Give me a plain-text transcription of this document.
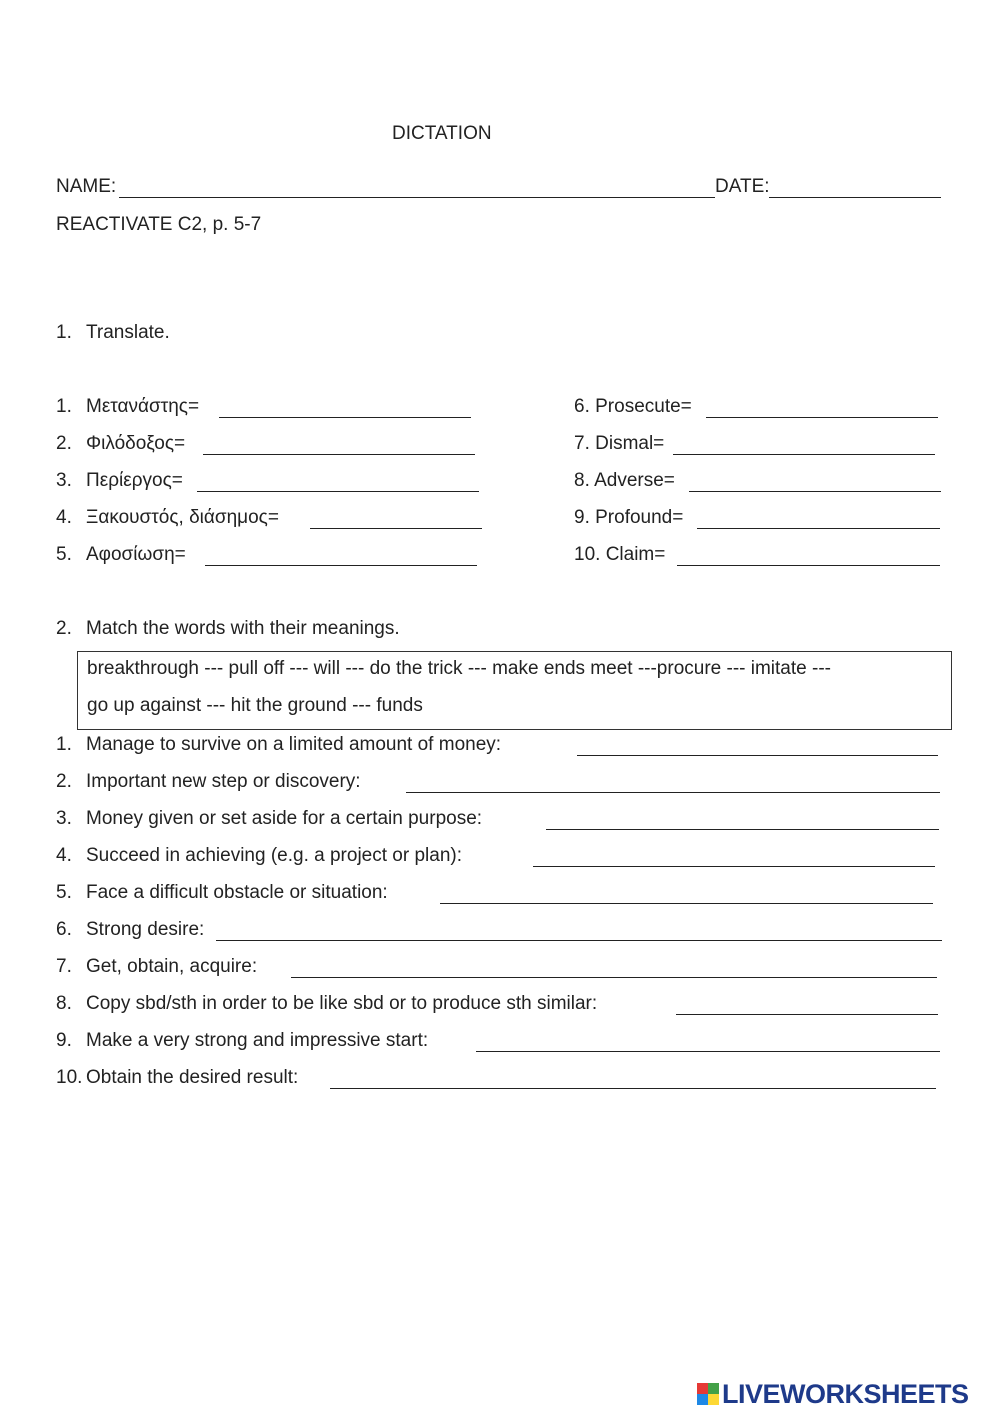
DICTATION
NAME:	DATE:
REACTIVATE C2, p. 5-7
1. Translate.
1. Μετανάστης=
2. Φιλόδοξος=
3. Περίεργος=
4. Ξακουστός, διάσημος=
5. Αφοσίωση=
6. Prosecute=
7. Dismal=
8. Adverse=
9. Profound=
10. Claim=
2. Match the words with their meanings.
breakthrough --- pull off --- will --- do the trick --- make ends meet ---procure --- imitate ---
go up against --- hit the ground --- funds
1. Manage to survive on a limited amount of money:
2. Important new step or discovery:
3. Money given or set aside for a certain purpose:
4. Succeed in achieving (e.g. a project or plan):
5. Face a difficult obstacle or situation:
6. Strong desire:
7. Get, obtain, acquire:
8. Copy sbd/sth in order to be like sbd or to produce sth similar:
9. Make a very strong and impressive start:
10. Obtain the desired result:
LIVEWORKSHEETS
